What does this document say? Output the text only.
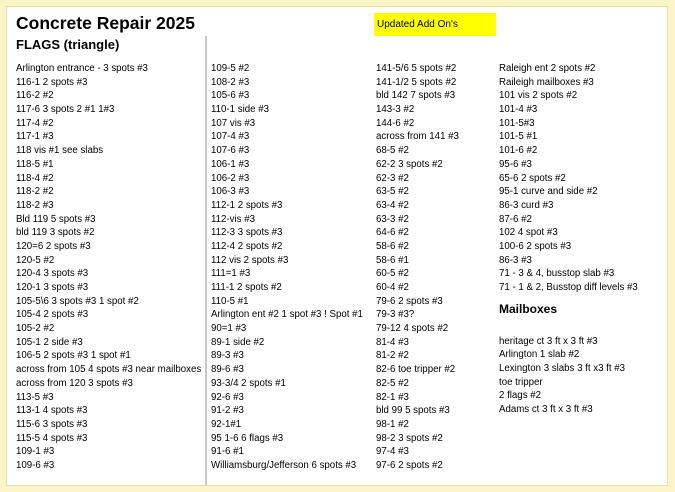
Concrete Repair 2025
FLAGS (triangle)
Updated Add On's
Arlington entrance - 3 spots #3
116-1 2 spots #3
116-2 #2
117-6 3 spots 2 #1 1#3
117-4 #2
117-1 #3
118 vis #1 see slabs
118-5 #1
118-4 #2
118-2 #2
118-2 #3
Bld 119 5 spots #3
bld 119 3 spots #2
120=6 2 spots #3
120-5 #2
120-4 3 spots #3
120-1 3 spots #3
105-5\6 3 spots #3 1 spot #2
105-4 2 spots #3
105-2 #2
105-1 2 side #3
106-5 2 spots #3 1 spot #1
across from 105 4 spots #3 near mailboxes
across from 120 3 spots #3
113-5 #3
113-1 4 spots #3
115-6 3 spots #3
115-5 4 spots #3
109-1 #3
109-6 #3
109-5 #2
108-2 #3
105-6 #3
110-1 side #3
107 vis #3
107-4 #3
107-6 #3
106-1 #3
106-2 #3
106-3 #3
112-1 2 spots #3
112-vis #3
112-3 3 spots #3
112-4 2 spots #2
112 vis 2 spots #3
111=1 #3
111-1 2 spots #2
110-5 #1
Arlington ent #2 1 spot #3 ! Spot #1
90=1 #3
89-1 side #2
89-3 #3
89-6 #3
93-3/4 2 spots #1
92-6 #3
91-2 #3
92-1#1
95 1-6 6 flags #3
91-6 #1
Williamsburg/Jefferson 6 spots #3
141-5/6 5 spots #2
141-1/2 5 spots #2
bld 142 7 spots #3
143-3 #2
144-6 #2
across from 141 #3
68-5 #2
62-2 3 spots #2
62-3 #2
63-5 #2
63-4 #2
63-3 #2
64-6 #2
58-6 #2
58-6 #1
60-5 #2
60-4 #2
79-6 2 spots #3
79-3 #3?
79-12 4 spots #2
81-4 #3
81-2 #2
82-6 toe tripper #2
82-5 #2
82-1 #3
bld 99 5 spots #3
98-1 #2
98-2 3 spots #2
97-4 #3
97-6 2 spots #2
Raleigh ent 2 spots #2
Raileigh mailboxes #3
101 vis 2 spots #2
101-4 #3
101-5#3
101-5 #1
101-6 #2
95-6 #3
65-6 2 spots #2
95-1 curve and side #2
86-3 curd #3
87-6 #2
102 4 spot #3
100-6 2 spots #3
86-3 #3
71 - 3 & 4, busstop slab #3
71 - 1 & 2, Busstop diff levels #3
Mailboxes
heritage ct 3 ft x 3 ft #3
Arlington 1 slab #2
Lexington 3 slabs 3 ft x3 ft #3
toe tripper
2 flags #2
Adams ct 3 ft x 3 ft #3
